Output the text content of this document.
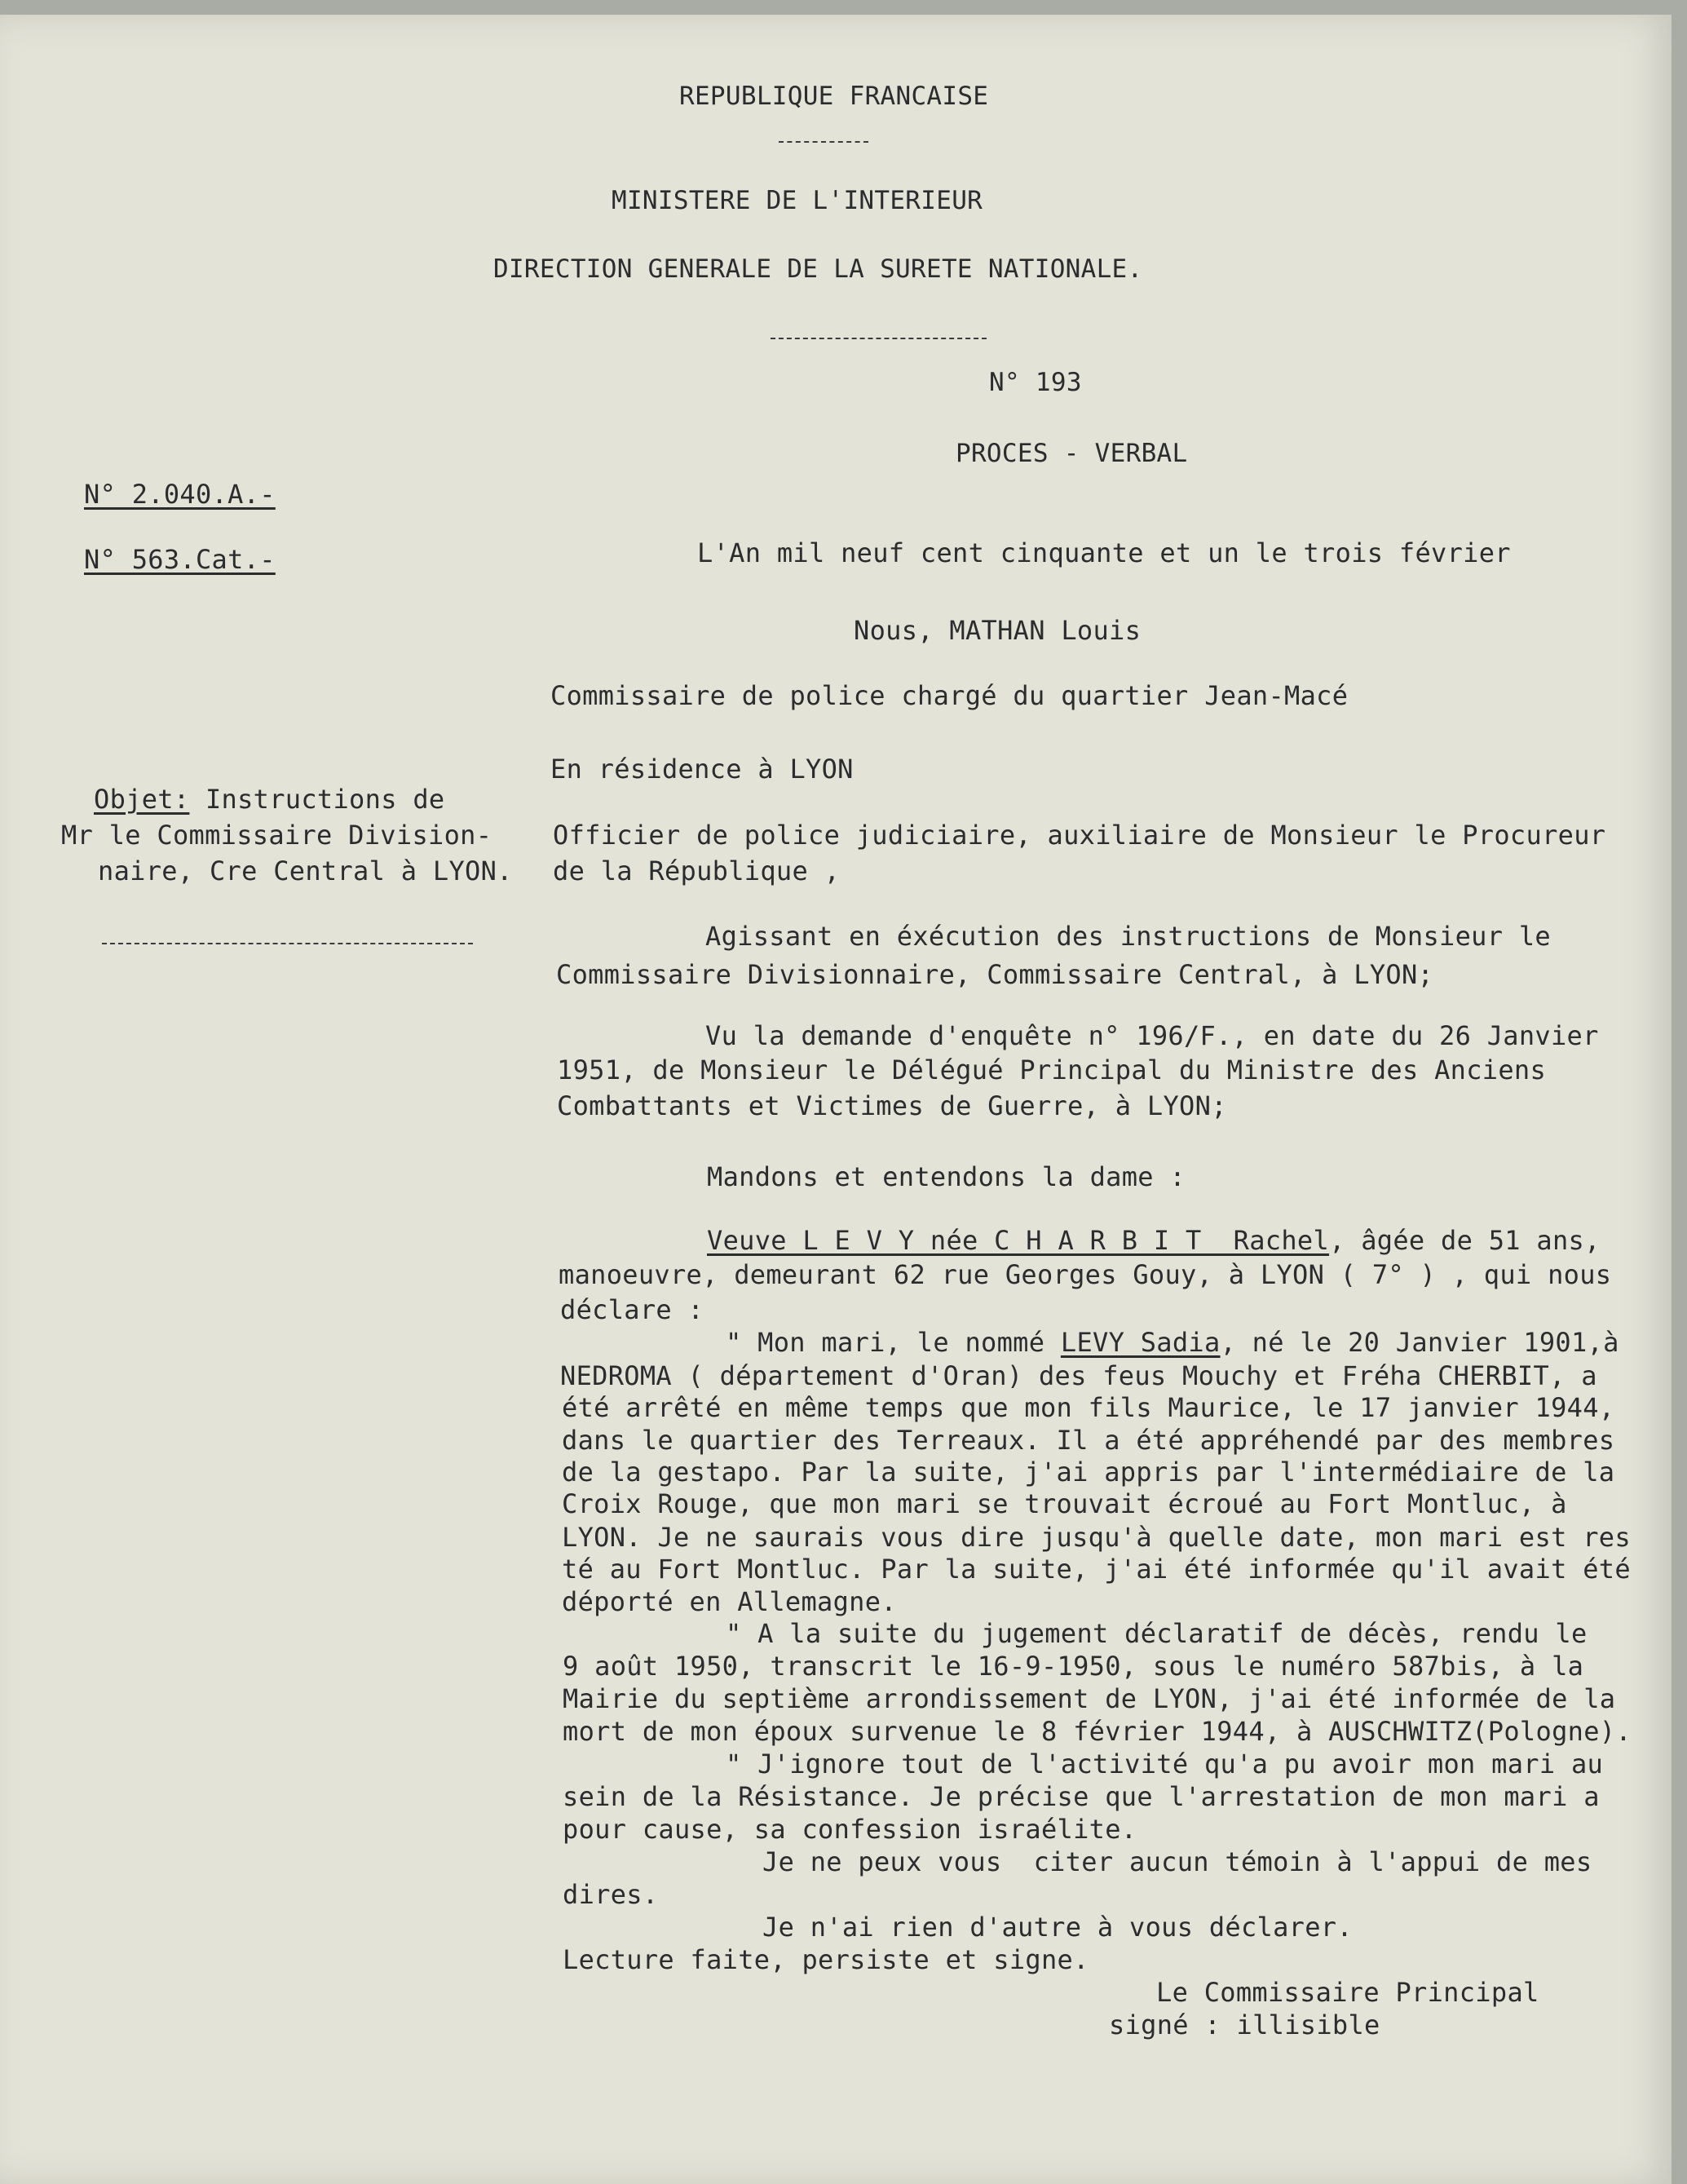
REPUBLIQUE FRANCAISE
MINISTERE DE L'INTERIEUR
DIRECTION GENERALE DE LA SURETE NATIONALE.
N° 193
PROCES - VERBAL
N° 2.040.A.-
N° 563.Cat.-
Objet: Instructions de
Mr le Commissaire Division-
naire, Cre Central à LYON.
L'An mil neuf cent cinquante et un le trois février
Nous, MATHAN Louis
Commissaire de police chargé du quartier Jean-Macé
En résidence à LYON
Officier de police judiciaire, auxiliaire de Monsieur le Procureur
de la République ,
Agissant en éxécution des instructions de Monsieur le
Commissaire Divisionnaire, Commissaire Central, à LYON;
Vu la demande d'enquête n° 196/F., en date du 26 Janvier
1951, de Monsieur le Délégué Principal du Ministre des Anciens
Combattants et Victimes de Guerre, à LYON;
Mandons et entendons la dame :
Veuve L E V Y née C H A R B I T  Rachel, âgée de 51 ans,
manoeuvre, demeurant 62 rue Georges Gouy, à LYON ( 7° ) , qui nous
déclare :
" Mon mari, le nommé LEVY Sadia, né le 20 Janvier 1901,à
NEDROMA ( département d'Oran) des feus Mouchy et Fréha CHERBIT, a
été arrêté en même temps que mon fils Maurice, le 17 janvier 1944,
dans le quartier des Terreaux. Il a été appréhendé par des membres
de la gestapo. Par la suite, j'ai appris par l'intermédiaire de la
Croix Rouge, que mon mari se trouvait écroué au Fort Montluc, à
LYON. Je ne saurais vous dire jusqu'à quelle date, mon mari est res
té au Fort Montluc. Par la suite, j'ai été informée qu'il avait été
déporté en Allemagne.
" A la suite du jugement déclaratif de décès, rendu le
9 août 1950, transcrit le 16-9-1950, sous le numéro 587bis, à la
Mairie du septième arrondissement de LYON, j'ai été informée de la
mort de mon époux survenue le 8 février 1944, à AUSCHWITZ(Pologne).
" J'ignore tout de l'activité qu'a pu avoir mon mari au
sein de la Résistance. Je précise que l'arrestation de mon mari a
pour cause, sa confession israélite.
Je ne peux vous  citer aucun témoin à l'appui de mes
dires.
Je n'ai rien d'autre à vous déclarer.
Lecture faite, persiste et signe.
Le Commissaire Principal
signé : illisible
